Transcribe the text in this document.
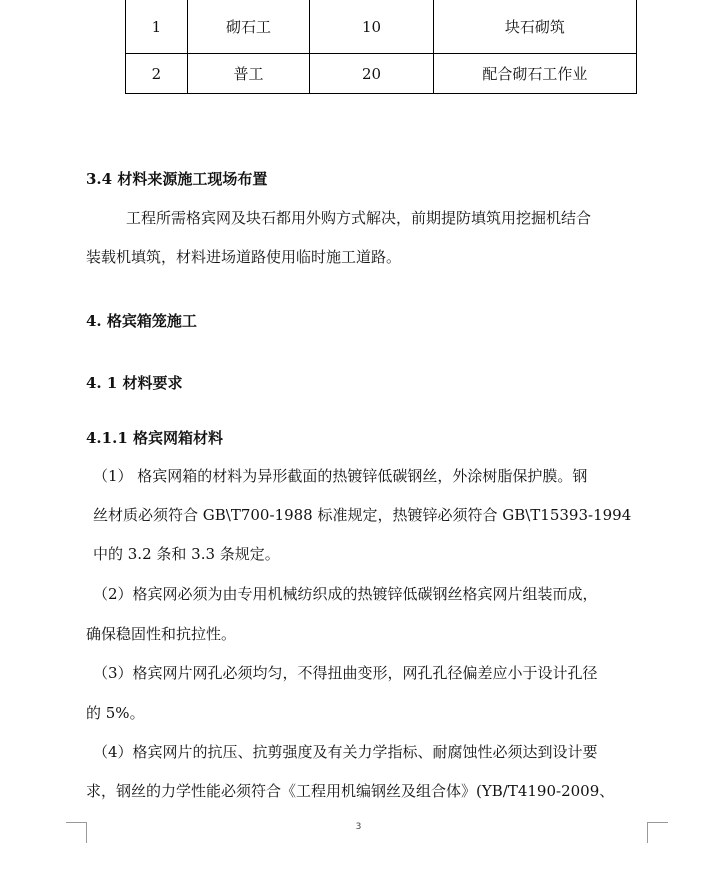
1	砌石工	10	块石砌筑
2	普工	20	配合砌石工作业
3.4 材料来源施工现场布置
工程所需格宾网及块石都用外购方式解决，前期提防填筑用挖掘机结合
装载机填筑，材料进场道路使用临时施工道路。
4. 格宾箱笼施工
4. 1 材料要求
4.1.1 格宾网箱材料
（1） 格宾网箱的材料为异形截面的热镀锌低碳钢丝，外涂树脂保护膜。钢
丝材质必须符合 GB\T700-1988 标准规定，热镀锌必须符合 GB\T15393-1994
中的 3.2 条和 3.3 条规定。
（2）格宾网必须为由专用机械纺织成的热镀锌低碳钢丝格宾网片组装而成，
确保稳固性和抗拉性。
（3）格宾网片网孔必须均匀，不得扭曲变形，网孔孔径偏差应小于设计孔径
的 5%。
（4）格宾网片的抗压、抗剪强度及有关力学指标、耐腐蚀性必须达到设计要
求，钢丝的力学性能必须符合《工程用机编钢丝及组合体》(YB/T4190-2009、
3
